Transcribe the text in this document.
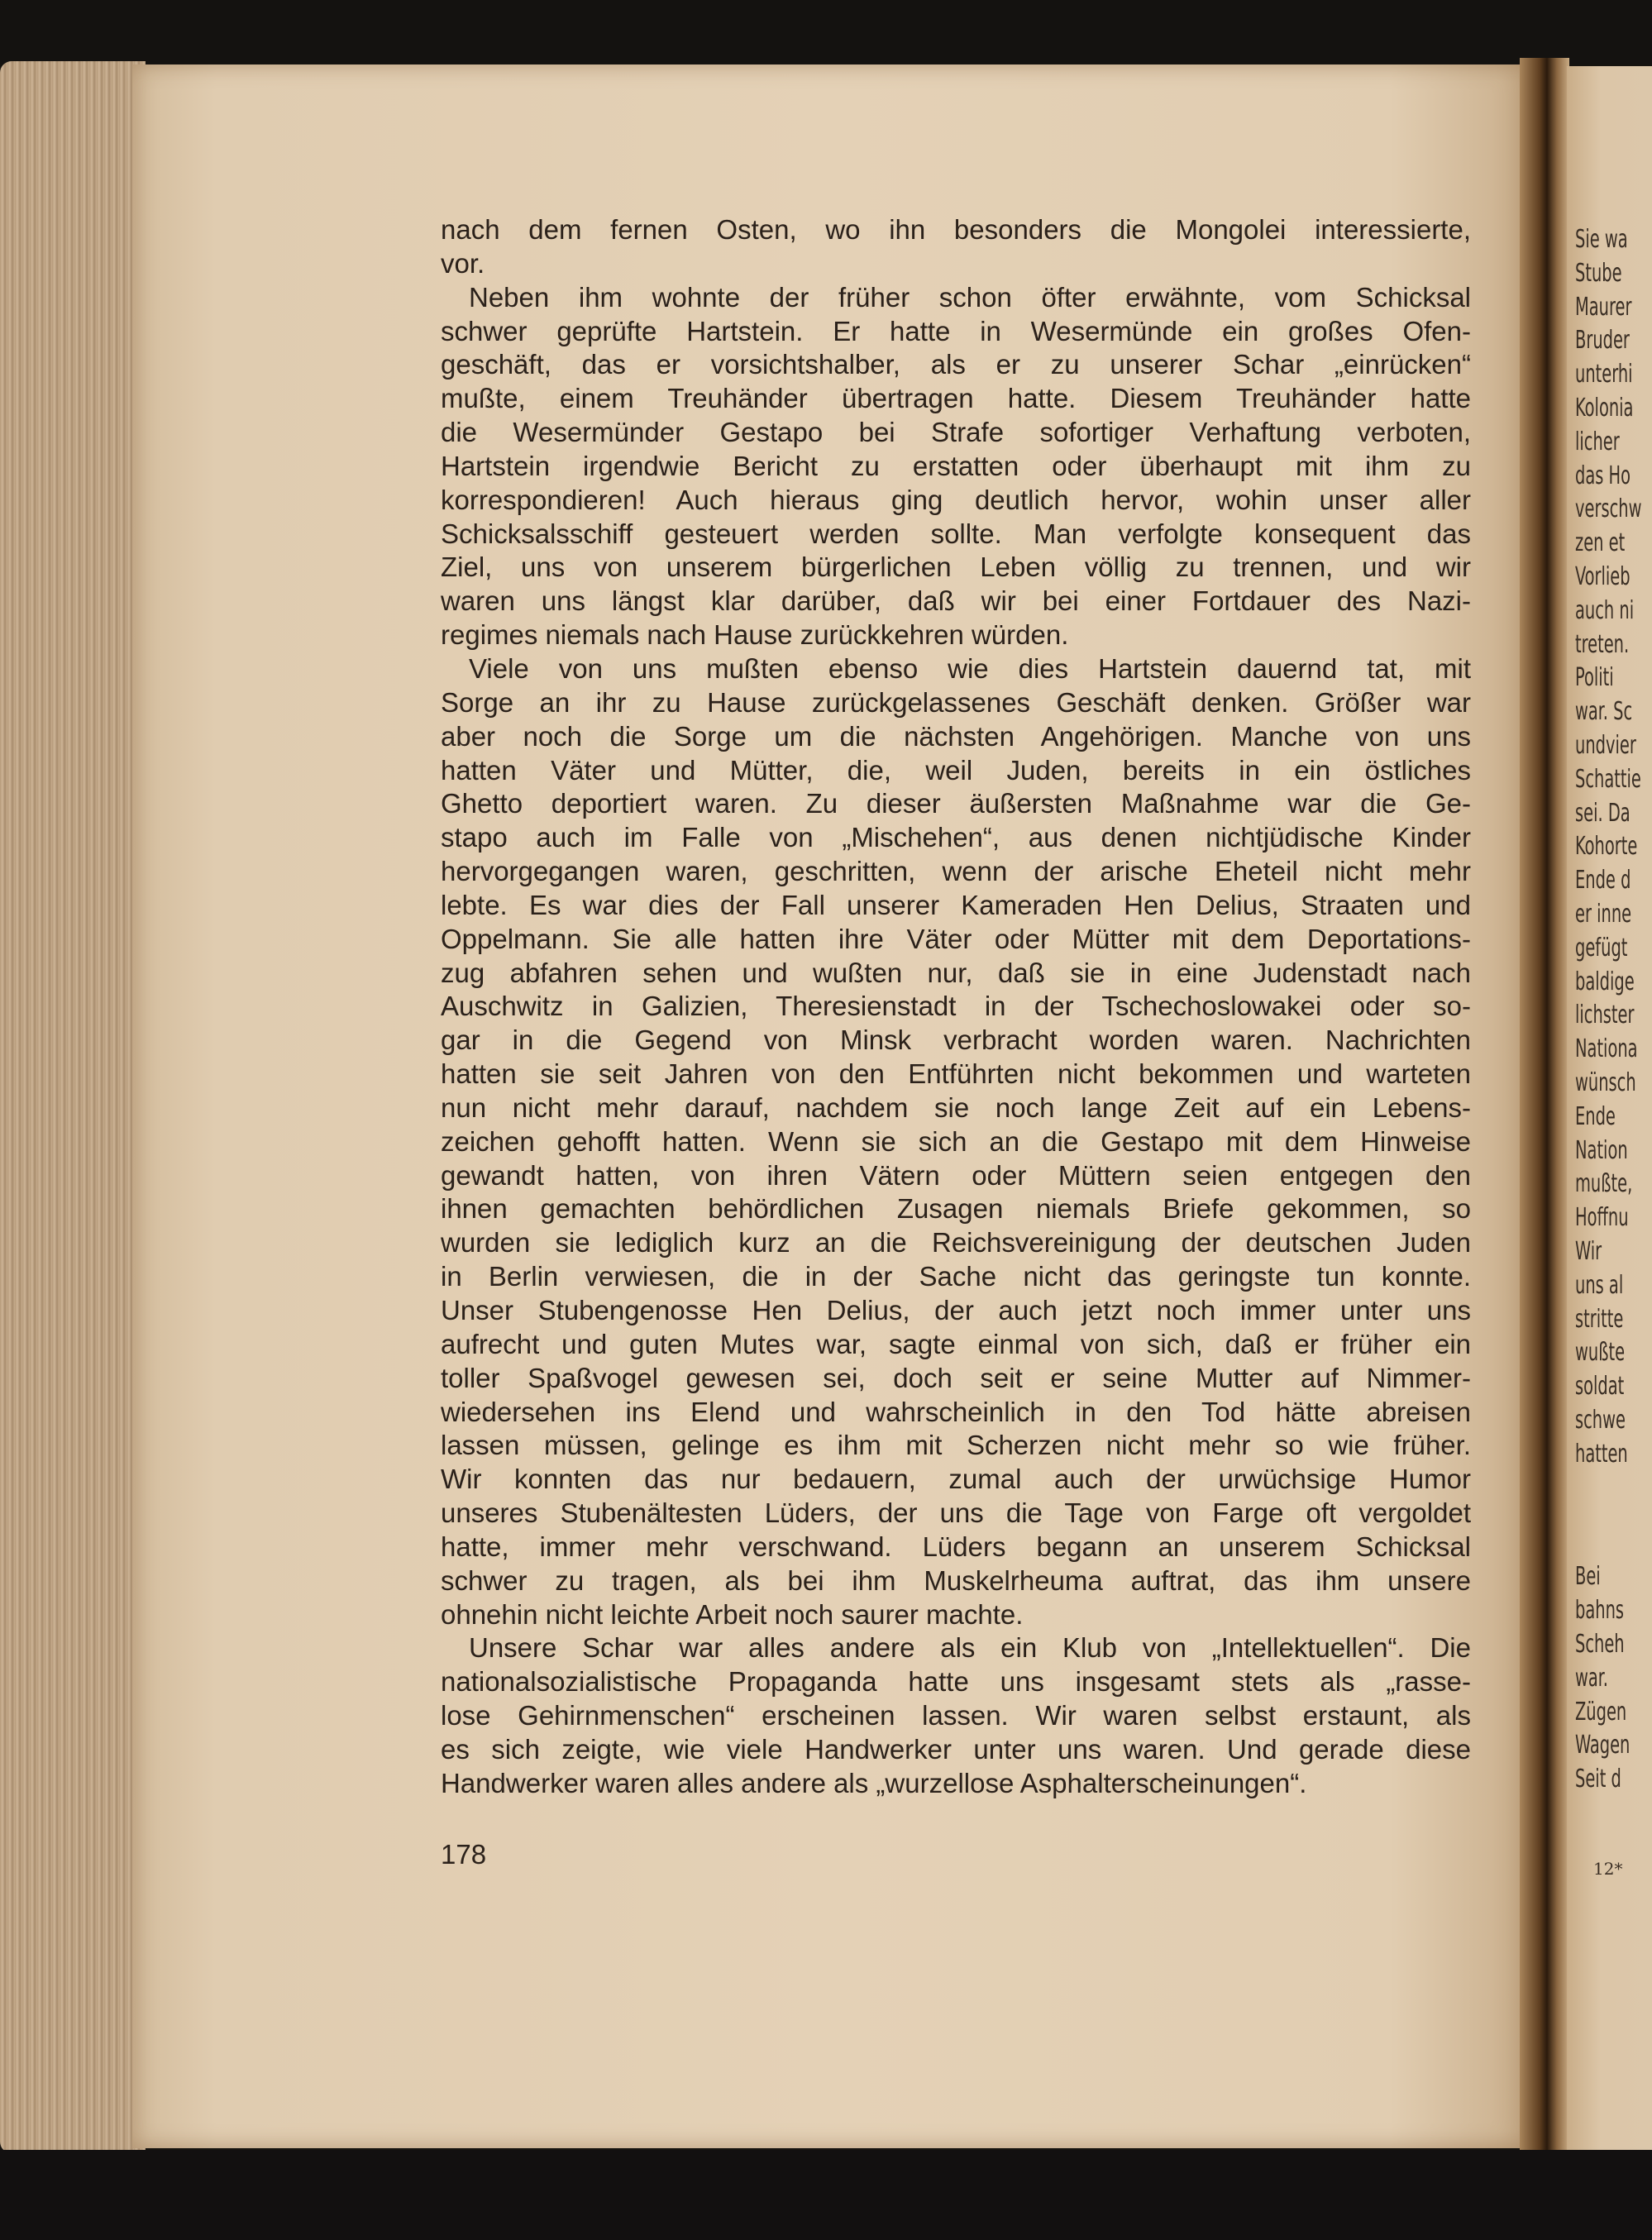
Sie wa
Stube
Maurer
Bruder
unterhi
Kolonia
licher
das Ho
verschw
zen et
Vorlieb
auch ni
treten.
Politi
war. Sc
undvier
Schattie
sei. Da
Kohorte
Ende d
er inne
gefügt
baldige
lichster
Nationa
wünsch
Ende
Nation
mußte,
Hoffnu
Wir
uns al
stritte
wußte
soldat
schwe
hatten
Bei
bahns
Scheh
war.
Zügen
Wagen
Seit d
12*
nach dem fernen Osten, wo ihn besonders die Mongolei interessierte,
vor.
Neben ihm wohnte der früher schon öfter erwähnte, vom Schicksal
schwer geprüfte Hartstein. Er hatte in Wesermünde ein großes Ofen-
geschäft, das er vorsichtshalber, als er zu unserer Schar „einrücken“
mußte, einem Treuhänder übertragen hatte. Diesem Treuhänder hatte
die Wesermünder Gestapo bei Strafe sofortiger Verhaftung verboten,
Hartstein irgendwie Bericht zu erstatten oder überhaupt mit ihm zu
korrespondieren! Auch hieraus ging deutlich hervor, wohin unser aller
Schicksalsschiff gesteuert werden sollte. Man verfolgte konsequent das
Ziel, uns von unserem bürgerlichen Leben völlig zu trennen, und wir
waren uns längst klar darüber, daß wir bei einer Fortdauer des Nazi-
regimes niemals nach Hause zurückkehren würden.
Viele von uns mußten ebenso wie dies Hartstein dauernd tat, mit
Sorge an ihr zu Hause zurückgelassenes Geschäft denken. Größer war
aber noch die Sorge um die nächsten Angehörigen. Manche von uns
hatten Väter und Mütter, die, weil Juden, bereits in ein östliches
Ghetto deportiert waren. Zu dieser äußersten Maßnahme war die Ge-
stapo auch im Falle von „Mischehen“, aus denen nichtjüdische Kinder
hervorgegangen waren, geschritten, wenn der arische Eheteil nicht mehr
lebte. Es war dies der Fall unserer Kameraden Hen Delius, Straaten und
Oppelmann. Sie alle hatten ihre Väter oder Mütter mit dem Deportations-
zug abfahren sehen und wußten nur, daß sie in eine Judenstadt nach
Auschwitz in Galizien, Theresienstadt in der Tschechoslowakei oder so-
gar in die Gegend von Minsk verbracht worden waren. Nachrichten
hatten sie seit Jahren von den Entführten nicht bekommen und warteten
nun nicht mehr darauf, nachdem sie noch lange Zeit auf ein Lebens-
zeichen gehofft hatten. Wenn sie sich an die Gestapo mit dem Hinweise
gewandt hatten, von ihren Vätern oder Müttern seien entgegen den
ihnen gemachten behördlichen Zusagen niemals Briefe gekommen, so
wurden sie lediglich kurz an die Reichsvereinigung der deutschen Juden
in Berlin verwiesen, die in der Sache nicht das geringste tun konnte.
Unser Stubengenosse Hen Delius, der auch jetzt noch immer unter uns
aufrecht und guten Mutes war, sagte einmal von sich, daß er früher ein
toller Spaßvogel gewesen sei, doch seit er seine Mutter auf Nimmer-
wiedersehen ins Elend und wahrscheinlich in den Tod hätte abreisen
lassen müssen, gelinge es ihm mit Scherzen nicht mehr so wie früher.
Wir konnten das nur bedauern, zumal auch der urwüchsige Humor
unseres Stubenältesten Lüders, der uns die Tage von Farge oft vergoldet
hatte, immer mehr verschwand. Lüders begann an unserem Schicksal
schwer zu tragen, als bei ihm Muskelrheuma auftrat, das ihm unsere
ohnehin nicht leichte Arbeit noch saurer machte.
Unsere Schar war alles andere als ein Klub von „Intellektuellen“. Die
nationalsozialistische Propaganda hatte uns insgesamt stets als „rasse-
lose Gehirnmenschen“ erscheinen lassen. Wir waren selbst erstaunt, als
es sich zeigte, wie viele Handwerker unter uns waren. Und gerade diese
Handwerker waren alles andere als „wurzellose Asphalterscheinungen“.
178
